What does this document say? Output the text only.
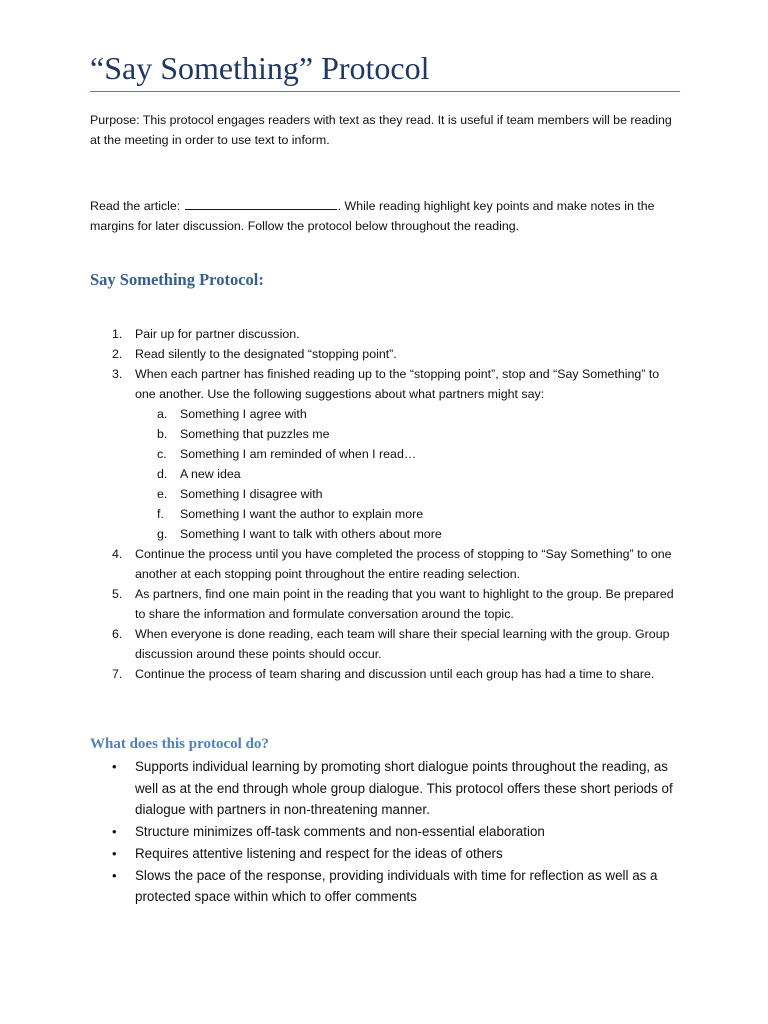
“Say Something” Protocol

Purpose: This protocol engages readers with text as they read. It is useful if team members will be reading at the meeting in order to use text to inform.

Read the article:	. While reading highlight key points and make notes in the margins for later discussion. Follow the protocol below throughout the reading.

Say Something Protocol:
1. Pair up for partner discussion.
2. Read silently to the designated “stopping point”.
3. When each partner has finished reading up to the “stopping point”, stop and “Say Something” to one another. Use the following suggestions about what partners might say:
a. Something I agree with
b. Something that puzzles me
c. Something I am reminded of when I read…
d. A new idea
e. Something I disagree with
f. Something I want the author to explain more
g. Something I want to talk with others about more
4. Continue the process until you have completed the process of stopping to “Say Something” to one another at each stopping point throughout the entire reading selection.
5. As partners, find one main point in the reading that you want to highlight to the group. Be prepared to share the information and formulate conversation around the topic.
6. When everyone is done reading, each team will share their special learning with the group. Group discussion around these points should occur.
7. Continue the process of team sharing and discussion until each group has had a time to share.
What does this protocol do?
• Supports individual learning by promoting short dialogue points throughout the reading, as well as at the end through whole group dialogue. This protocol offers these short periods of dialogue with partners in non-threatening manner.
• Structure minimizes off-task comments and non-essential elaboration
• Requires attentive listening and respect for the ideas of others
• Slows the pace of the response, providing individuals with time for reflection as well as a protected space within which to offer comments
